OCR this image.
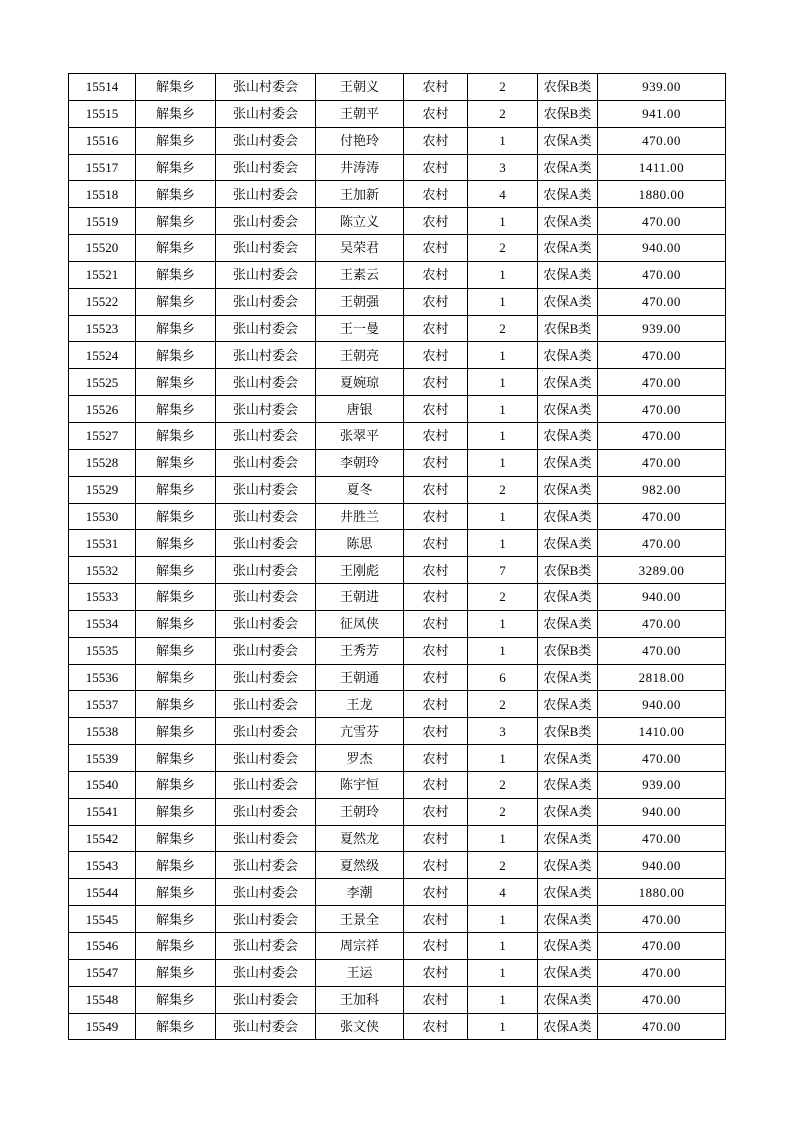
15514	解集乡	张山村委会	王朝义	农村	2	农保B类	939.00
15515	解集乡	张山村委会	王朝平	农村	2	农保B类	941.00
15516	解集乡	张山村委会	付艳玲	农村	1	农保A类	470.00
15517	解集乡	张山村委会	井涛涛	农村	3	农保A类	1411.00
15518	解集乡	张山村委会	王加新	农村	4	农保A类	1880.00
15519	解集乡	张山村委会	陈立义	农村	1	农保A类	470.00
15520	解集乡	张山村委会	吴荣君	农村	2	农保A类	940.00
15521	解集乡	张山村委会	王素云	农村	1	农保A类	470.00
15522	解集乡	张山村委会	王朝强	农村	1	农保A类	470.00
15523	解集乡	张山村委会	王一曼	农村	2	农保B类	939.00
15524	解集乡	张山村委会	王朝亮	农村	1	农保A类	470.00
15525	解集乡	张山村委会	夏婉琼	农村	1	农保A类	470.00
15526	解集乡	张山村委会	唐银	农村	1	农保A类	470.00
15527	解集乡	张山村委会	张翠平	农村	1	农保A类	470.00
15528	解集乡	张山村委会	李朝玲	农村	1	农保A类	470.00
15529	解集乡	张山村委会	夏冬	农村	2	农保A类	982.00
15530	解集乡	张山村委会	井胜兰	农村	1	农保A类	470.00
15531	解集乡	张山村委会	陈思	农村	1	农保A类	470.00
15532	解集乡	张山村委会	王刚彪	农村	7	农保B类	3289.00
15533	解集乡	张山村委会	王朝进	农村	2	农保A类	940.00
15534	解集乡	张山村委会	征凤侠	农村	1	农保A类	470.00
15535	解集乡	张山村委会	王秀芳	农村	1	农保B类	470.00
15536	解集乡	张山村委会	王朝通	农村	6	农保A类	2818.00
15537	解集乡	张山村委会	王龙	农村	2	农保A类	940.00
15538	解集乡	张山村委会	亢雪芬	农村	3	农保B类	1410.00
15539	解集乡	张山村委会	罗杰	农村	1	农保A类	470.00
15540	解集乡	张山村委会	陈宇恒	农村	2	农保A类	939.00
15541	解集乡	张山村委会	王朝玲	农村	2	农保A类	940.00
15542	解集乡	张山村委会	夏然龙	农村	1	农保A类	470.00
15543	解集乡	张山村委会	夏然级	农村	2	农保A类	940.00
15544	解集乡	张山村委会	李潮	农村	4	农保A类	1880.00
15545	解集乡	张山村委会	王景全	农村	1	农保A类	470.00
15546	解集乡	张山村委会	周宗祥	农村	1	农保A类	470.00
15547	解集乡	张山村委会	王运	农村	1	农保A类	470.00
15548	解集乡	张山村委会	王加科	农村	1	农保A类	470.00
15549	解集乡	张山村委会	张文侠	农村	1	农保A类	470.00
